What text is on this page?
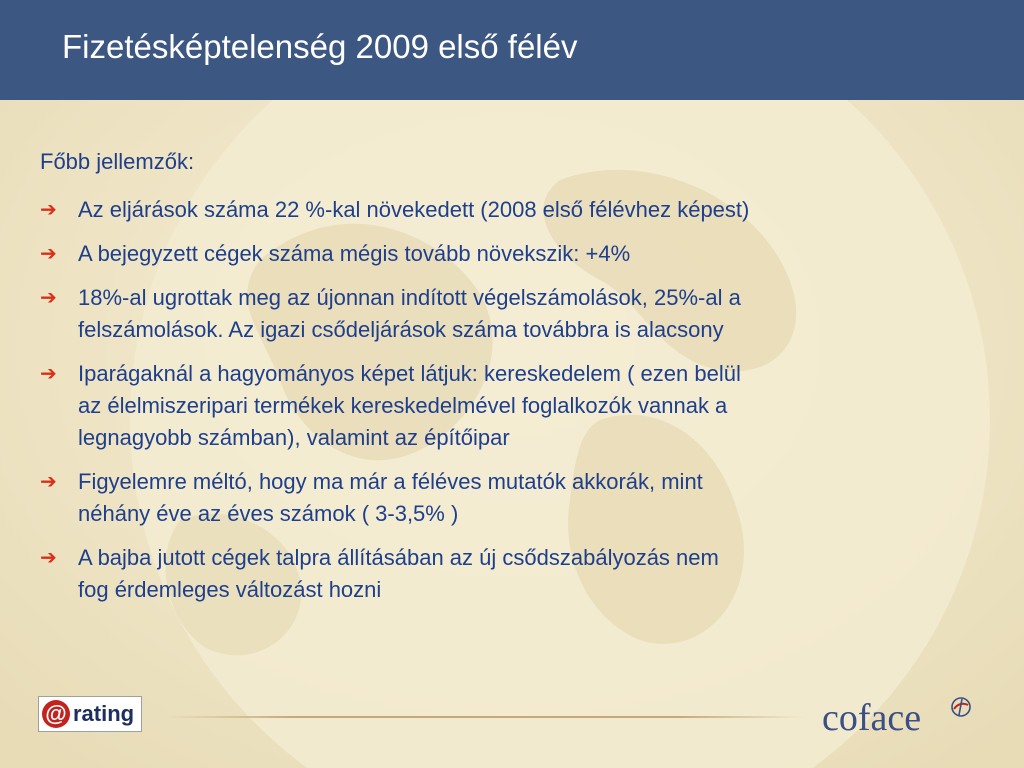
Fizetésképtelenség 2009 első félév
Főbb jellemzők:
➔ Az eljárások száma 22 %-kal növekedett (2008 első félévhez képest)
➔ A bejegyzett cégek száma mégis tovább növekszik: +4%
➔ 18%-al ugrottak meg az újonnan indított végelszámolások, 25%-al a
felszámolások. Az igazi csődeljárások száma továbbra is alacsony
➔ Iparágaknál a hagyományos képet látjuk: kereskedelem ( ezen belül
az élelmiszeripari termékek kereskedelmével foglalkozók vannak a
legnagyobb számban), valamint az építőipar
➔ Figyelemre méltó, hogy ma már a féléves mutatók akkorák, mint
néhány éve az éves számok ( 3-3,5% )
➔ A bajba jutott cégek talpra állításában az új csődszabályozás nem
fog érdemleges változást hozni
@ rating	coface
